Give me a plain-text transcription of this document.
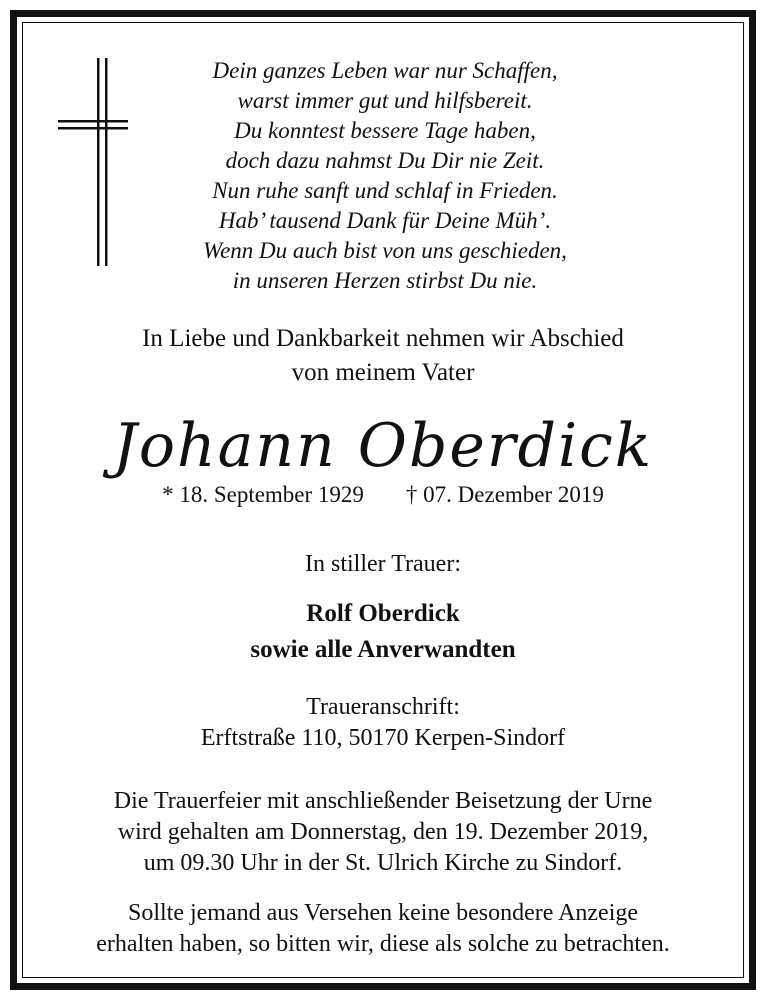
Dein ganzes Leben war nur Schaffen,
warst immer gut und hilfsbereit.
Du konntest bessere Tage haben,
doch dazu nahmst Du Dir nie Zeit.
Nun ruhe sanft und schlaf in Frieden.
Hab’ tausend Dank für Deine Müh’.
Wenn Du auch bist von uns geschieden,
in unseren Herzen stirbst Du nie.
In Liebe und Dankbarkeit nehmen wir Abschied
von meinem Vater
Johann Oberdick
* 18. September 1929 † 07. Dezember 2019
In stiller Trauer:
Rolf Oberdick
sowie alle Anverwandten
Traueranschrift:
Erftstraße 110, 50170 Kerpen-Sindorf
Die Trauerfeier mit anschließender Beisetzung der Urne
wird gehalten am Donnerstag, den 19. Dezember 2019,
um 09.30 Uhr in der St. Ulrich Kirche zu Sindorf.
Sollte jemand aus Versehen keine besondere Anzeige
erhalten haben, so bitten wir, diese als solche zu betrachten.
